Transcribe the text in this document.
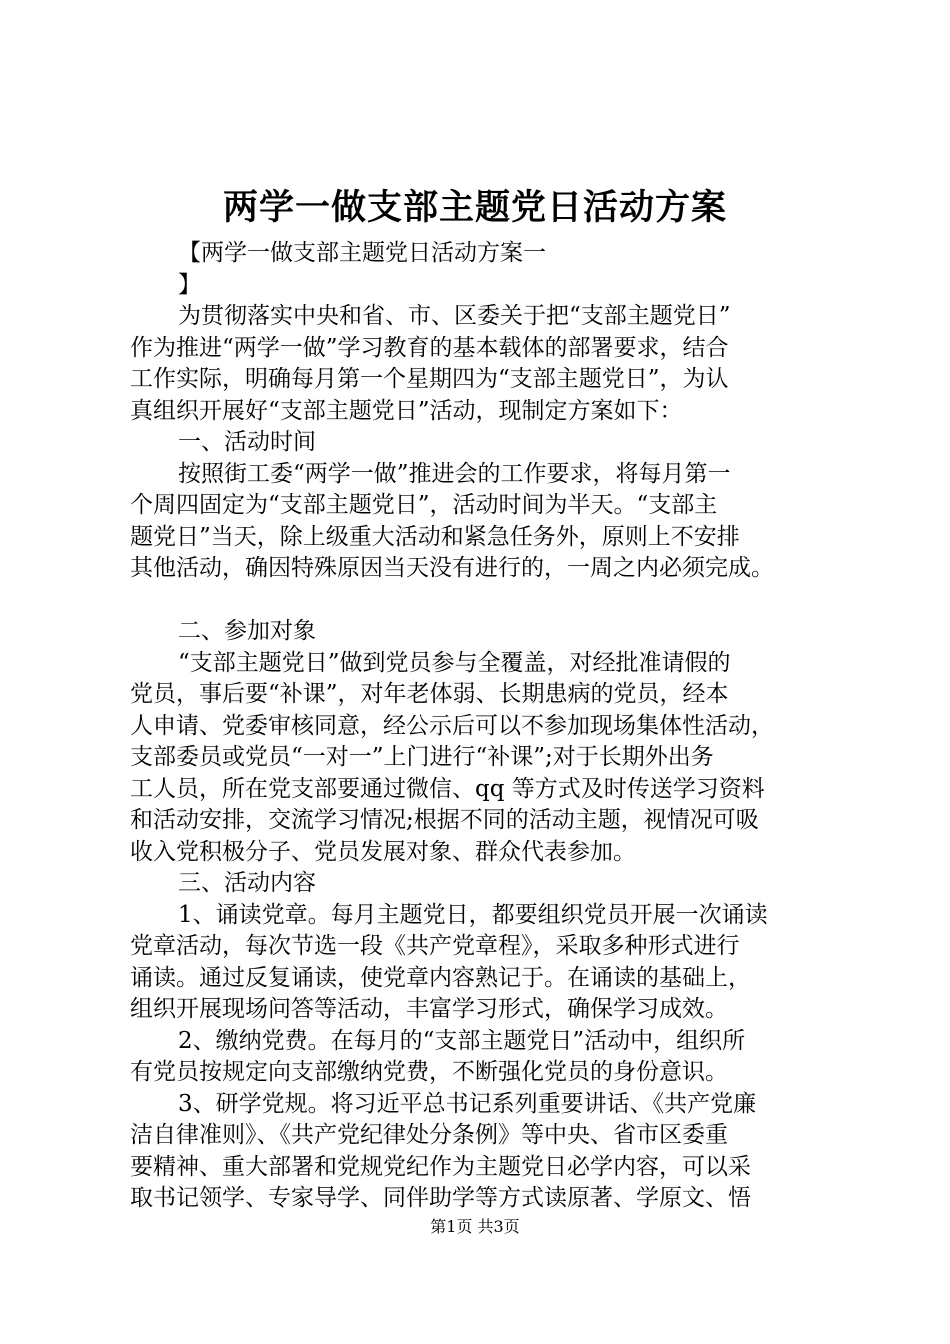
两学一做支部主题党日活动方案
【两学一做支部主题党日活动方案一
】
为贯彻落实中央和省、市、区委关于把“支部主题党日”
作为推进“两学一做”学习教育的基本载体的部署要求，结合
工作实际，明确每月第一个星期四为“支部主题党日”，为认
真组织开展好“支部主题党日”活动，现制定方案如下：
一、活动时间
按照街工委“两学一做”推进会的工作要求，将每月第一
个周四固定为“支部主题党日”，活动时间为半天。“支部主
题党日”当天，除上级重大活动和紧急任务外，原则上不安排
其他活动，确因特殊原因当天没有进行的，一周之内必须完成。
二、参加对象
“支部主题党日”做到党员参与全覆盖，对经批准请假的
党员，事后要“补课”，对年老体弱、长期患病的党员，经本
人申请、党委审核同意，经公示后可以不参加现场集体性活动，
支部委员或党员“一对一”上门进行“补课”;对于长期外出务
工人员，所在党支部要通过微信、qq 等方式及时传送学习资料
和活动安排，交流学习情况;根据不同的活动主题，视情况可吸
收入党积极分子、党员发展对象、群众代表参加。
三、活动内容
1、诵读党章。每月主题党日，都要组织党员开展一次诵读
党章活动，每次节选一段《共产党章程》，采取多种形式进行
诵读。通过反复诵读，使党章内容熟记于。在诵读的基础上，
组织开展现场问答等活动，丰富学习形式，确保学习成效。
2、缴纳党费。在每月的“支部主题党日”活动中，组织所
有党员按规定向支部缴纳党费，不断强化党员的身份意识。
3、研学党规。将习近平总书记系列重要讲话、《共产党廉
洁自律准则》、《共产党纪律处分条例》等中央、省市区委重
要精神、重大部署和党规党纪作为主题党日必学内容，可以采
取书记领学、专家导学、同伴助学等方式读原著、学原文、悟
第1页 共3页
